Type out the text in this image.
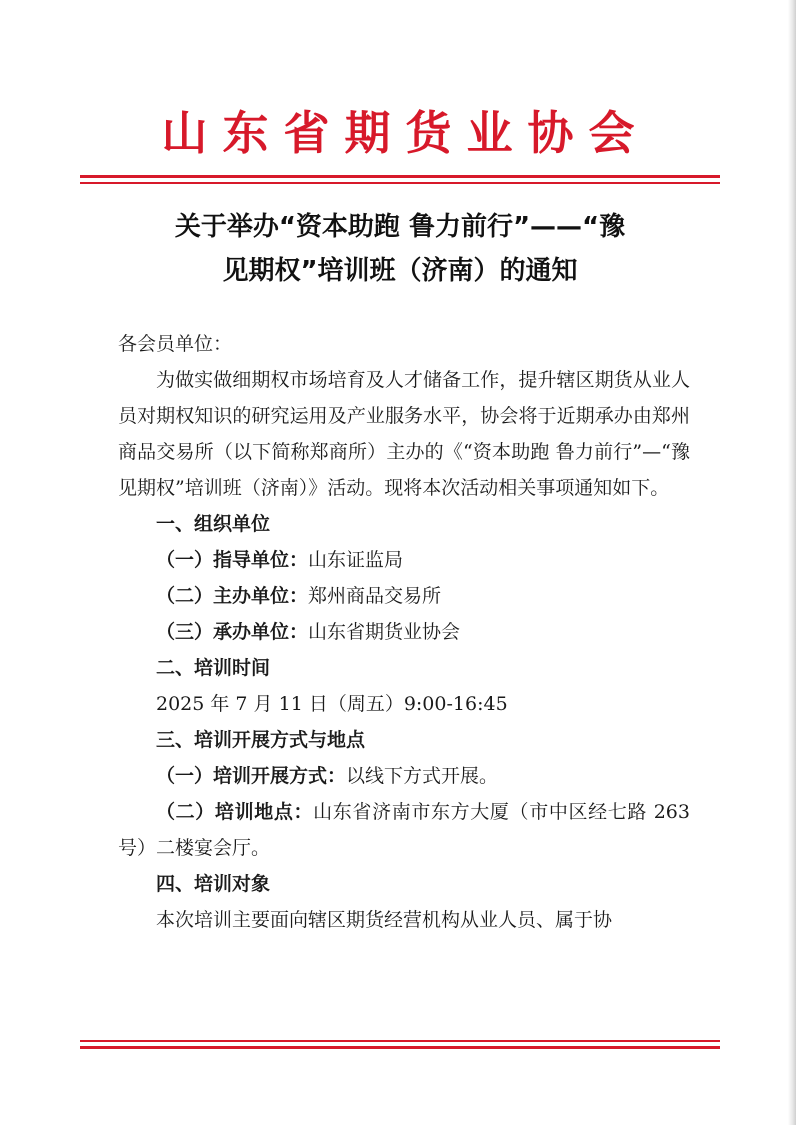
山东省期货业协会
关于举办“资本助跑 鲁力前行”——“豫
见期权”培训班（济南）的通知

各会员单位：

为做实做细期权市场培育及人才储备工作，提升辖区期货从业人员对期权知识的研究运用及产业服务水平，协会将于近期承办由郑州商品交易所（以下简称郑商所）主办的《“资本助跑 鲁力前行”—“豫见期权”培训班（济南）》活动。现将本次活动相关事项通知如下。

一、组织单位

（一）指导单位：山东证监局

（二）主办单位：郑州商品交易所

（三）承办单位：山东省期货业协会

二、培训时间

2025 年 7 月 11 日（周五）9:00-16:45

三、培训开展方式与地点

（一）培训开展方式：以线下方式开展。

（二）培训地点：山东省济南市东方大厦（市中区经七路 263 号）二楼宴会厅。

四、培训对象

本次培训主要面向辖区期货经营机构从业人员、属于协
